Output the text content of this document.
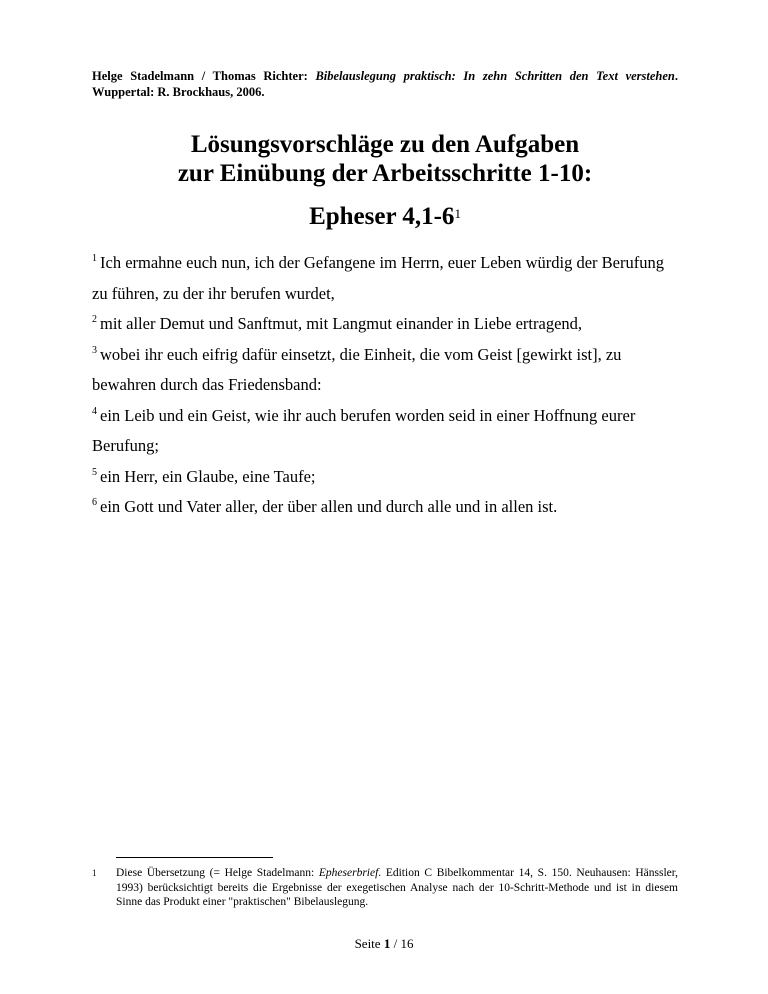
Helge Stadelmann / Thomas Richter: Bibelauslegung praktisch: In zehn Schritten den Text verstehen. Wuppertal: R. Brockhaus, 2006.
Lösungsvorschläge zu den Aufgaben
zur Einübung der Arbeitsschritte 1-10:
Epheser $4,1-6^1$
$^1$ Ich ermahne euch nun, ich der Gefangene im Herrn, euer Leben würdig der Berufung zu führen, zu der ihr berufen wurdet,
$^2$ mit aller Demut und Sanftmut, mit Langmut einander in Liebe ertragend,
$^3$ wobei ihr euch eifrig dafür einsetzt, die Einheit, die vom Geist [gewirkt ist], zu bewahren durch das Friedensband:
$^4$ ein Leib und ein Geist, wie ihr auch berufen worden seid in einer Hoffnung eurer Berufung;
$^5$ ein Herr, ein Glaube, eine Taufe;
$^6$ ein Gott und Vater aller, der über allen und durch alle und in allen ist.
1 Diese Übersetzung (= Helge Stadelmann: Epheserbrief. Edition C Bibelkommentar 14, S. 150. Neuhausen: Hänssler, 1993) berücksichtigt bereits die Ergebnisse der exegetischen Analyse nach der 10-Schritt-Methode und ist in diesem Sinne das Produkt einer "praktischen" Bibelauslegung.
Seite 1 / 16
